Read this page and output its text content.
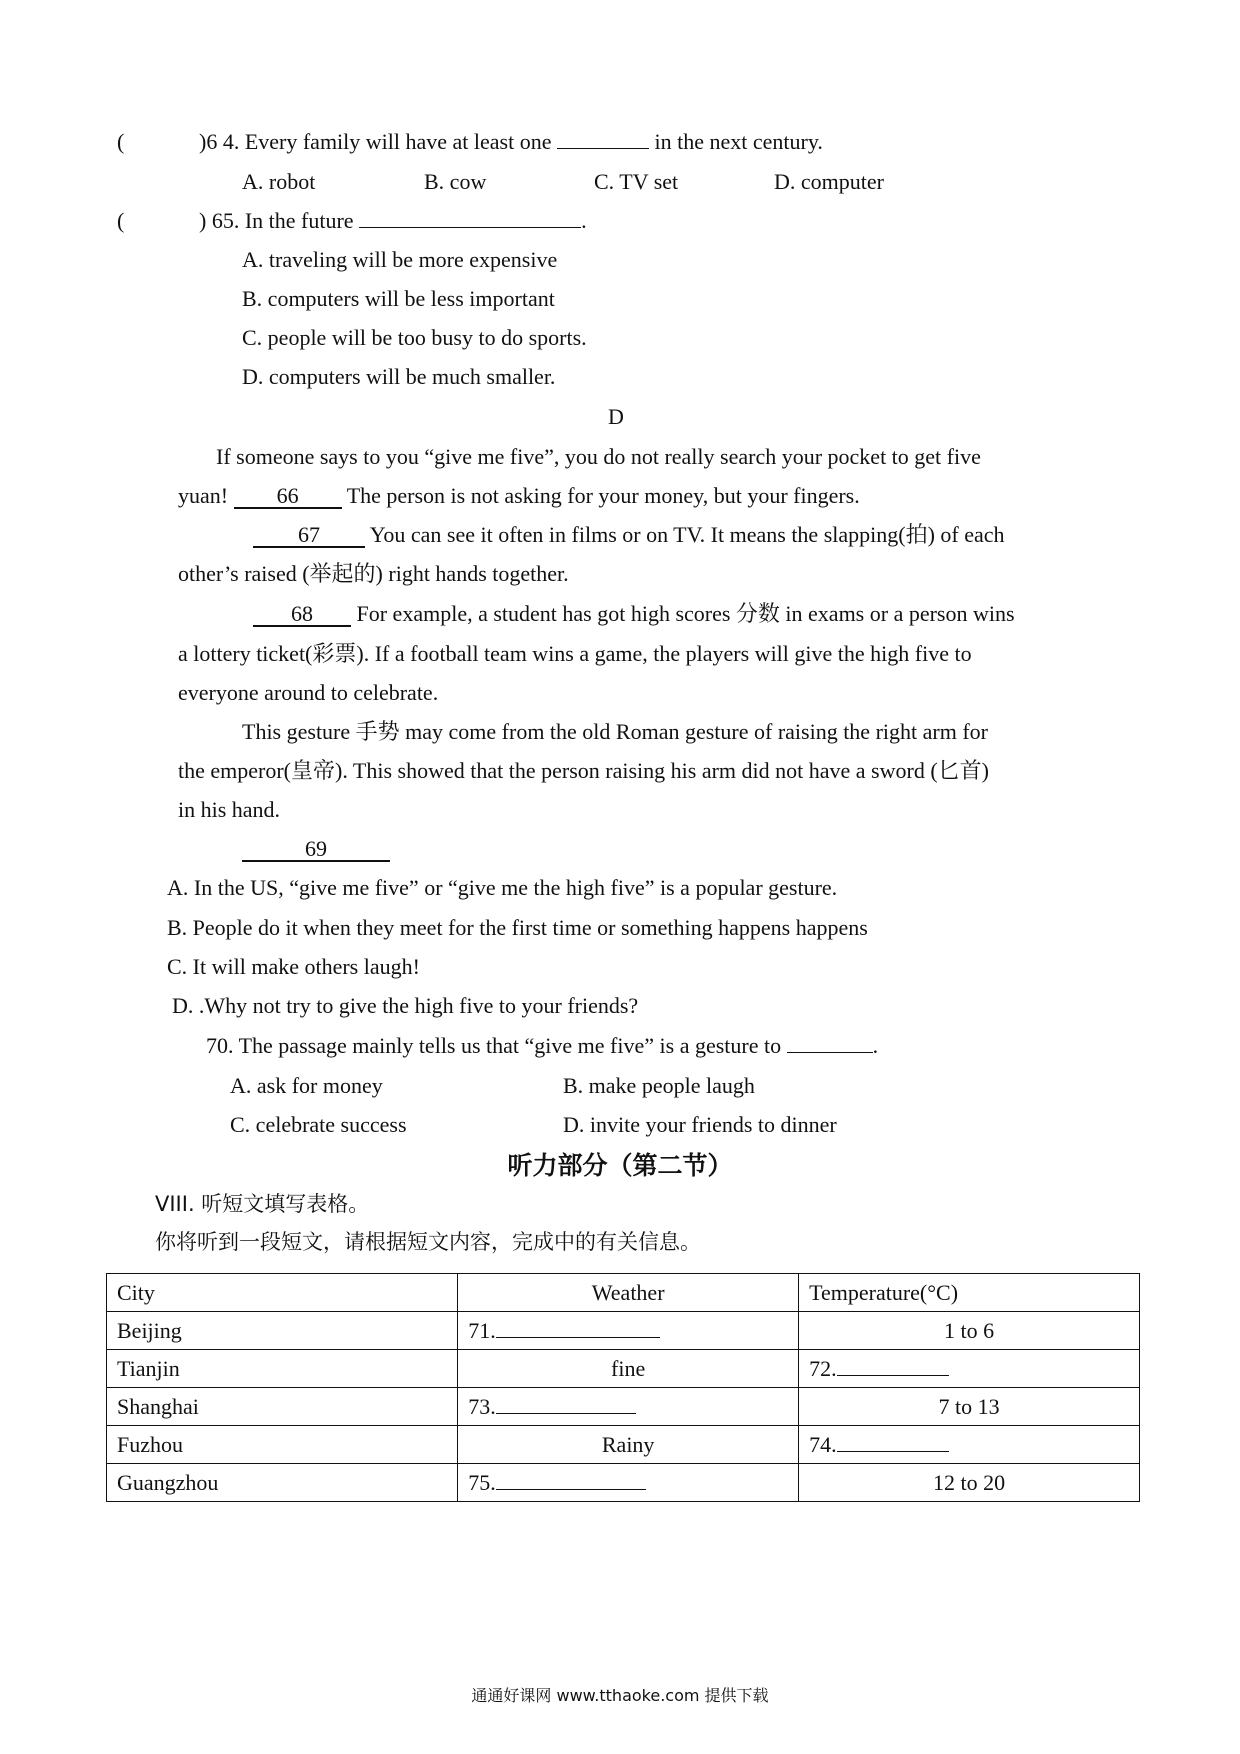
(	)6 4. Every family will have at least one	in the next century.
A. robot	B. cow	C. TV set	D. computer
(	) 65. In the future	.
A. traveling will be more expensive
B. computers will be less important
C. people will be too busy to do sports.
D. computers will be much smaller.
D
If someone says to you “give me five”, you do not really search your pocket to get five
yuan! 66 The person is not asking for your money, but your fingers.
67 You can see it often in films or on TV. It means the slapping(拍) of each
other’s raised (举起的) right hands together.
68 For example, a student has got high scores 分数 in exams or a person wins
a lottery ticket(彩票). If a football team wins a game, the players will give the high five to
everyone around to celebrate.
This gesture 手势 may come from the old Roman gesture of raising the right arm for
the emperor(皇帝). This showed that the person raising his arm did not have a sword (匕首)
in his hand.
69
A. In the US, “give me five” or “give me the high five” is a popular gesture.
B. People do it when they meet for the first time or something happens happens
C. It will make others laugh!
D. .Why not try to give the high five to your friends?
70. The passage mainly tells us that “give me five” is a gesture to	.
A. ask for money	B. make people laugh
C. celebrate success	D. invite your friends to dinner
听力部分（第二节）
VIII. 听短文填写表格。
你将听到一段短文，请根据短文内容，完成中的有关信息。
City	Weather	Temperature(°C)
Beijing	71.	1 to 6
Tianjin	fine	72.
Shanghai	73.	7 to 13
Fuzhou	Rainy	74.
Guangzhou	75.	12 to 20
通通好课网 www.tthaoke.com 提供下载
